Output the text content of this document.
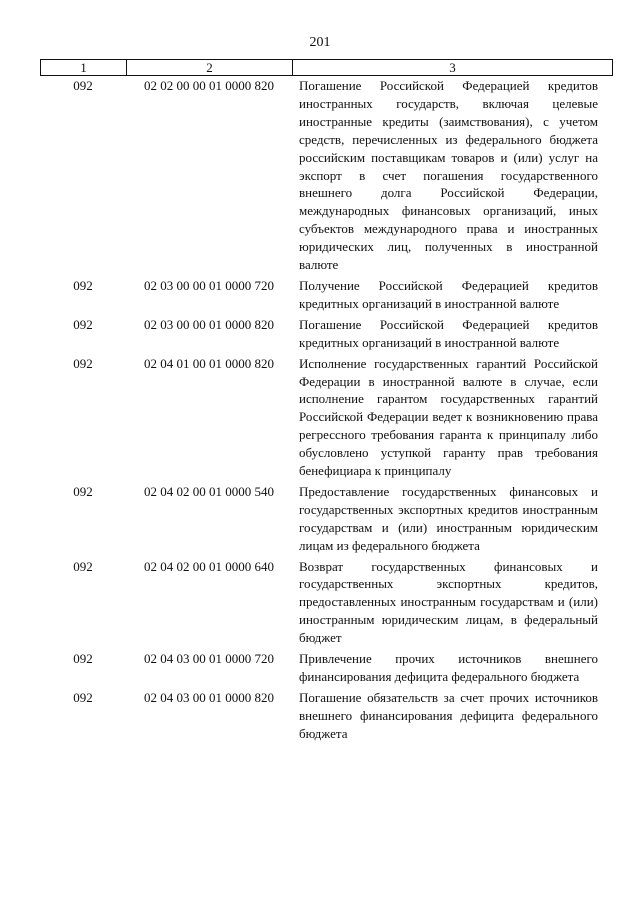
201
1	2	3
092	02 02 00 00 01 0000 820	Погашение Российской Федерацией кредитов иностранных государств, включая целевые иностранные кредиты (заимствования), с учетом средств, перечисленных из федерального бюджета российским поставщикам товаров и (или) услуг на экспорт в счет погашения государственного внешнего долга Российской Федерации, международных финансовых организаций, иных субъектов международного права и иностранных юридических лиц, полученных в иностранной валюте
092	02 03 00 00 01 0000 720	Получение Российской Федерацией кредитов кредитных организаций в иностранной валюте
092	02 03 00 00 01 0000 820	Погашение Российской Федерацией кредитов кредитных организаций в иностранной валюте
092	02 04 01 00 01 0000 820	Исполнение государственных гарантий Российской Федерации в иностранной валюте в случае, если исполнение гарантом государственных гарантий Российской Федерации ведет к возникновению права регрессного требования гаранта к принципалу либо обусловлено уступкой гаранту прав требования бенефициара к принципалу
092	02 04 02 00 01 0000 540	Предоставление государственных финансовых и государственных экспортных кредитов иностранным государствам и (или) иностранным юридическим лицам из федерального бюджета
092	02 04 02 00 01 0000 640	Возврат государственных финансовых и государственных экспортных кредитов, предоставленных иностранным государствам и (или) иностранным юридическим лицам, в федеральный бюджет
092	02 04 03 00 01 0000 720	Привлечение прочих источников внешнего финансирования дефицита федерального бюджета
092	02 04 03 00 01 0000 820	Погашение обязательств за счет прочих источников внешнего финансирования дефицита федерального бюджета
